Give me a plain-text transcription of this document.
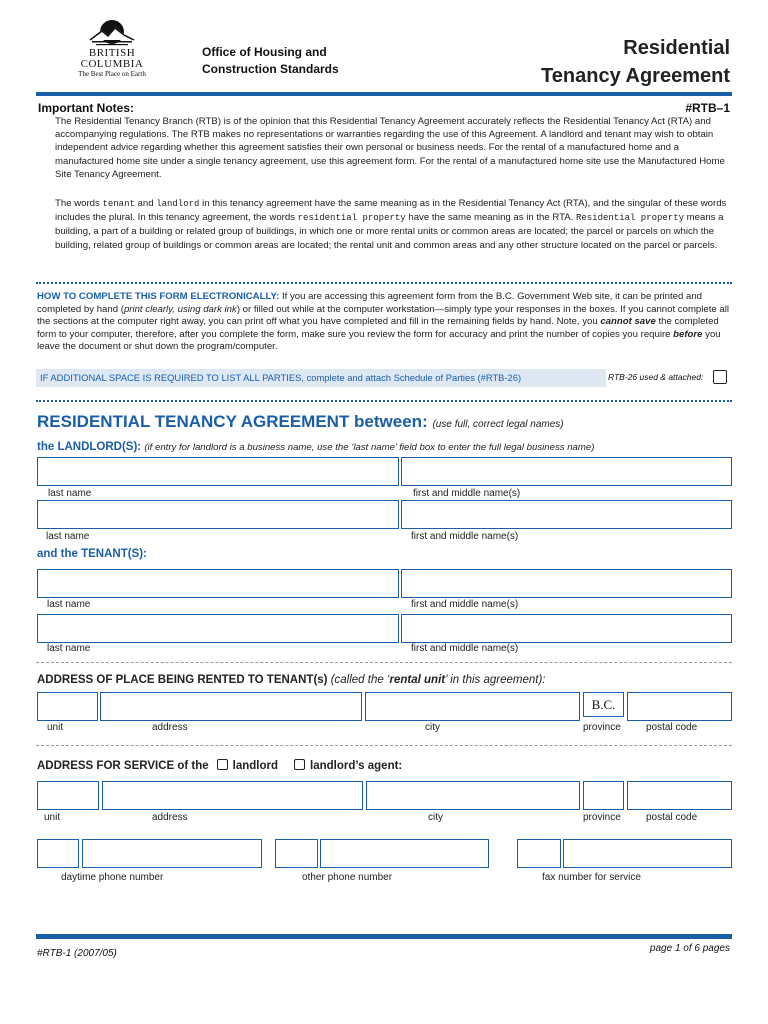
BRITISH
COLUMBIA
The Best Place on Earth
Office of Housing and
Construction Standards
Residential
Tenancy Agreement
Important Notes:	#RTB–1
The Residential Tenancy Branch (RTB) is of the opinion that this Residential Tenancy Agreement accurately reflects the Residential Tenancy Act (RTA) and accompanying regulations. The RTB makes no representations or warranties regarding the use of this Agreement. A landlord and tenant may wish to obtain independent advice regarding whether this agreement satisfies their own personal or business needs. For the rental of a manufactured home and a manufactured home site under a single tenancy agreement, use this agreement form. For the rental of a manufactured home site use the Manufactured Home Site Tenancy Agreement.
The words tenant and landlord in this tenancy agreement have the same meaning as in the Residential Tenancy Act (RTA), and the singular of these words includes the plural. In this tenancy agreement, the words residential property have the same meaning as in the RTA. Residential property means a building, a part of a building or related group of buildings, in which one or more rental units or common areas are located; the parcel or parcels on which the building, related group of buildings or common areas are located; the rental unit and common areas and any other structure located on the parcel or parcels.
HOW TO COMPLETE THIS FORM ELECTRONICALLY: If you are accessing this agreement form from the B.C. Government Web site, it can be printed and completed by hand (print clearly, using dark ink) or filled out while at the computer workstation—simply type your responses in the boxes. If you cannot complete all the sections at the computer right away, you can print off what you have completed and fill in the remaining fields by hand. Note, you cannot save the completed form to your computer, therefore, after you complete the form, make sure you review the form for accuracy and print the number of copies you require before you leave the document or shut down the program/computer.
IF ADDITIONAL SPACE IS REQUIRED TO LIST ALL PARTIES, complete and attach Schedule of Parties (#RTB-26)	RTB-26 used & attached:
RESIDENTIAL TENANCY AGREEMENT between: (use full, correct legal names)
the LANDLORD(S): (if entry for landlord is a business name, use the ‘last name’ field box to enter the full legal business name)
last name	first and middle name(s)
last name	first and middle name(s)
and the TENANT(S):
last name	first and middle name(s)
last name	first and middle name(s)
ADDRESS OF PLACE BEING RENTED TO TENANT(s) (called the ‘rental unit’ in this agreement):
B.C.
unit	address	city	province	postal code
ADDRESS FOR SERVICE of the landlord	landlord’s agent:
unit	address	city	province	postal code
daytime phone number	other phone number	fax number for service
#RTB-1 (2007/05)	page 1 of 6 pages
